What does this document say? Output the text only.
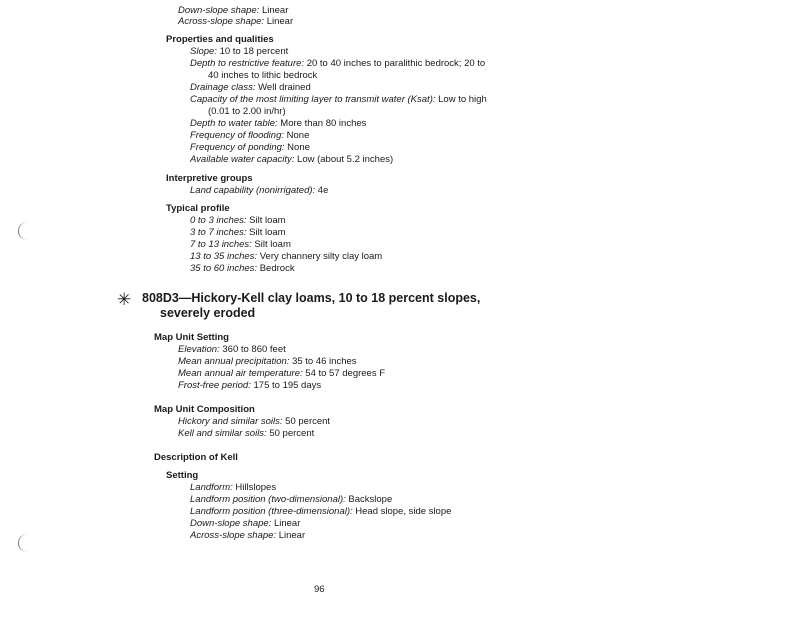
Down-slope shape: Linear
Across-slope shape: Linear
Properties and qualities
Slope: 10 to 18 percent
Depth to restrictive feature: 20 to 40 inches to paralithic bedrock; 20 to
40 inches to lithic bedrock
Drainage class: Well drained
Capacity of the most limiting layer to transmit water (Ksat): Low to high
(0.01 to 2.00 in/hr)
Depth to water table: More than 80 inches
Frequency of flooding: None
Frequency of ponding: None
Available water capacity: Low (about 5.2 inches)
Interpretive groups
Land capability (nonirrigated): 4e
Typical profile
0 to 3 inches: Silt loam
3 to 7 inches: Silt loam
7 to 13 inches: Silt loam
13 to 35 inches: Very channery silty clay loam
35 to 60 inches: Bedrock
✳ 808D3—Hickory-Kell clay loams, 10 to 18 percent slopes,
severely eroded
Map Unit Setting
Elevation: 360 to 860 feet
Mean annual precipitation: 35 to 46 inches
Mean annual air temperature: 54 to 57 degrees F
Frost-free period: 175 to 195 days
Map Unit Composition
Hickory and similar soils: 50 percent
Kell and similar soils: 50 percent
Description of Kell
Setting
Landform: Hillslopes
Landform position (two-dimensional): Backslope
Landform position (three-dimensional): Head slope, side slope
Down-slope shape: Linear
Across-slope shape: Linear
96
